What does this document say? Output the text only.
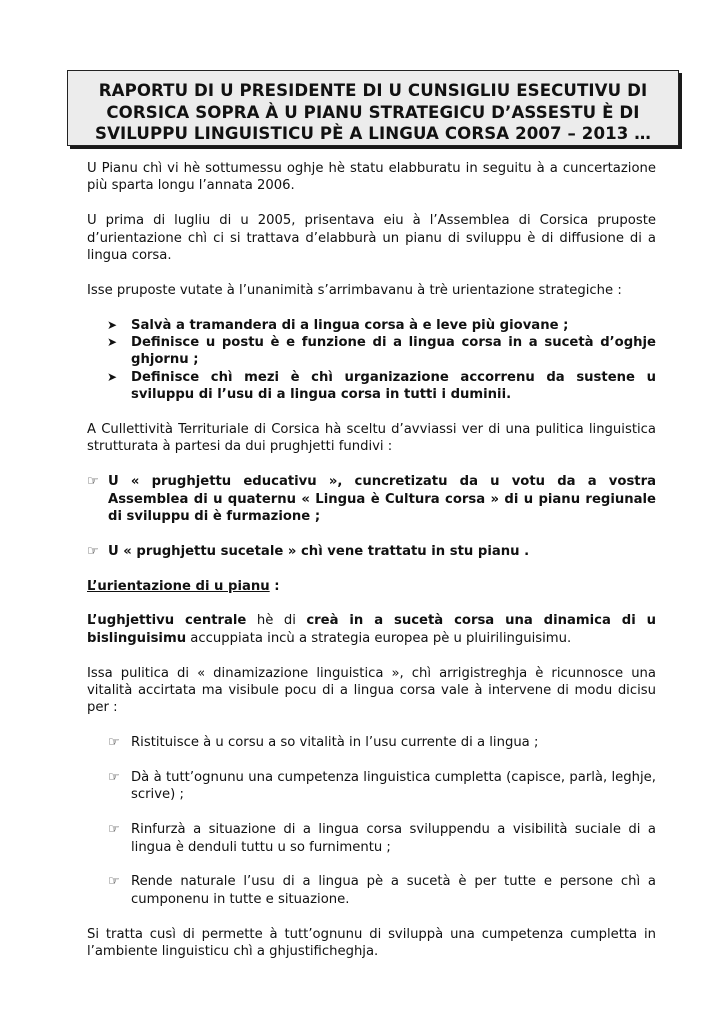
RAPORTU DI U PRESIDENTE DI U CUNSIGLIU ESECUTIVU DI
CORSICA SOPRA À U PIANU STRATEGICU D’ASSESTU È DI
SVILUPPU LINGUISTICU PÈ A LINGUA CORSA 2007 – 2013 …

U Pianu chì vi hè sottumessu oghje hè statu elabburatu in seguitu à a cuncertazione più sparta longu l’annata 2006.

U prima di lugliu di u 2005, prisentava eiu à l’Assemblea di Corsica pruposte d’urientazione chì ci si trattava d’elabburà un pianu di sviluppu è di diffusione di a lingua corsa.

Isse pruposte vutate à l’unanimità s’arrimbavanu à trè urientazione strategiche :

➤ Salvà a tramandera di a lingua corsa à e leve più giovane ;
➤ Definisce u postu è e funzione di a lingua corsa in a sucetà d’oghje ghjornu ;
➤ Definisce chì mezi è chì urganizazione accorrenu da sustene u sviluppu di l’usu di a lingua corsa in tutti i duminii.

A Cullettività Territuriale di Corsica hà sceltu d’avviassi ver di una pulitica linguistica strutturata à partesi da dui prughjetti fundivi :

☞ U « prughjettu educativu », cuncretizatu da u votu da a vostra Assemblea di u quaternu « Lingua è Cultura corsa » di u pianu regiunale di sviluppu di è furmazione ;
☞ U « prughjettu sucetale » chì vene trattatu in stu pianu .

L’urientazione di u pianu :

L’ughjettivu centrale hè di creà in a sucetà corsa una dinamica di u bislinguisimu accuppiata incù a strategia europea pè u pluirilinguisimu.

Issa pulitica di « dinamizazione linguistica », chì arrigistreghja è ricunnosce una vitalità accirtata ma visibule pocu di a lingua corsa vale à intervene di modu dicisu per :

☞ Ristituisce à u corsu a so vitalità in l’usu currente di a lingua ;
☞ Dà à tutt’ognunu una cumpetenza linguistica cumpletta (capisce, parlà, leghje, scrive) ;
☞ Rinfurzà a situazione di a lingua corsa sviluppendu a visibilità suciale di a lingua è denduli tuttu u so furnimentu ;
☞ Rende naturale l’usu di a lingua pè a sucetà è per tutte e persone chì a cumponenu in tutte e situazione.

Si tratta cusì di permette à tutt’ognunu di sviluppà una cumpetenza cumpletta in l’ambiente linguisticu chì a ghjustificheghja.
